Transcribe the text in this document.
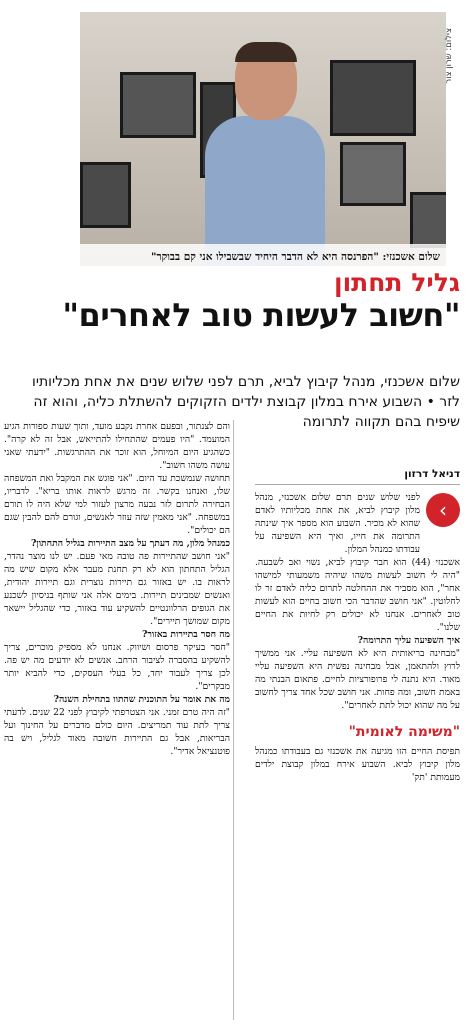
שלום אשכנזי: "הפרנסה היא לא הדבר היחיד שבשבילו אני קם בבוקר"
צילום: שרון צור
גליל תחתון
"חשוב לעשות טוב לאחרים"
שלום אשכנזי, מנהל קיבוץ לביא, תרם לפני שלוש שנים את אחת מכליותיו לזר • השבוע אירח במלון קבוצת ילדים הזקוקים להשתלת כליה, והוא זה שיפיח בהם תקווה לתרומה
דניאל דרזון
›

לפני שלוש שנים תרם שלום אשכנזי, מנהל מלון קיבוץ לביא, את אחת מכליותיו לאדם שהוא לא מכיר. השבוע הוא מספר איך שינתה התרומה את חייו, ואיך היא השפיעה על עבודתו כמנהל המלון.

אשכנזי (44) הוא חבר קיבוץ לביא, נשוי ואב לשבעה. "היה לי חשוב לעשות משהו שיהיה משמעותי למישהו אחר", הוא מסביר את ההחלטה לתרום כליה לאדם זר לו לחלוטין. "אני חושב שהדבר הכי חשוב בחיים הוא לעשות טוב לאחרים. אנחנו לא יכולים רק לחיות את החיים שלנו".

איך השפיעה עליך התרומה?

"מבחינה בריאותית היא לא השפיעה עליי. אני ממשיך לרוץ ולהתאמן, אבל מבחינה נפשית היא השפיעה עליי מאוד. היא נתנה לי פרופורציות לחיים. פתאום הבנתי מה באמת חשוב, ומה פחות. אני חושב שכל אחד צריך לחשוב על מה שהוא יכול לתת לאחרים".

"משימה לאומית"

תפיסת החיים הזו מגיעה את אשכנזי גם בעבודתו כמנהל מלון קיבוץ לביא. השבוע אירח במלון קבוצת ילדים מעמותת 'תק'

והם לצנתור, ובפעם אחרת נקבע מועד, ותוך שעות ספורות הגיע המועמד. "היו פעמים שהתחילו להתייאש, אבל זה לא קרה". כשהגיע היום המיוחל, הוא זוכר את ההתרגשות. "ידעתי שאני עושה משהו חשוב".

תחושה שנמשכת עד היום. "אני פוגש את המקבל ואת המשפחה שלו, ואנחנו בקשר. זה מרגש לראות אותו בריא". לדבריו, הבחירה לתרום לזר נבעה מרצון לעזור למי שלא היה לו תורם במשפחה. "אני מאמין שזה עוזר לאנשים, וגורם להם להבין שגם הם יכולים".

כמנהל מלון, מה דעתך על מצב התיירות בגליל התחתון?

"אני חושב שהתיירות פה טובה מאי פעם. יש לנו מוצר נהדר, הגליל התחתון הוא לא רק תחנת מעבר אלא מקום שיש מה לראות בו. יש באזור גם תיירות נוצרית וגם תיירות יהודית, ואנשים שמבינים תיירות. בימים אלה אני שותף בניסיון לשכנע את הגופים הרלוונטיים להשקיע עוד באזור, כדי שהגליל יישאר מקום שמושך תיירים".

מה חסר בתיירות באזור?

"חסר בעיקר פרסום ושיווק. אנחנו לא מספיק מוכרים, צריך להשקיע בהסברה לציבור הרחב. אנשים לא יודעים מה יש פה. לכן צריך לעבוד יחד, כל בעלי העסקים, כדי להביא יותר מבקרים".

מה את אומר על התוכנית שהתוו בתחילת השנה?

"זה היה טרם זמני. אני הצטרפתי לקיבוץ לפני 22 שנים. לדעתי צריך לתת עוד תמריצים. היום כולם מדברים על החינוך ועל הבריאות, אבל גם התיירות חשובה מאוד לגליל, ויש בה פוטנציאל אדיר".
